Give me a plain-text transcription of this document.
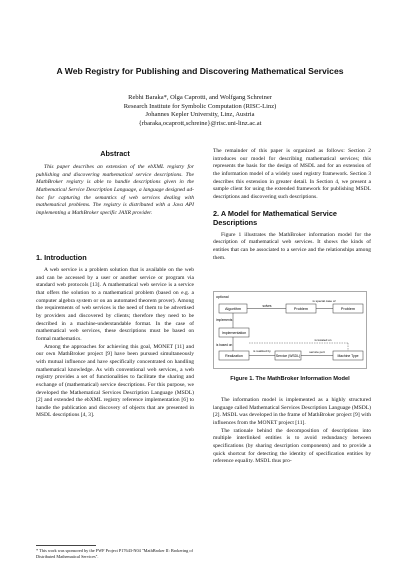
A Web Registry for Publishing and Discovering Mathematical Services
Rebhi Baraka*, Olga Caprotti, and Wolfgang Schreiner
Research Institute for Symbolic Computation (RISC-Linz)
Johannes Kepler University, Linz, Austria
{rbaraka,ocaprott,schreine}@risc.uni-linz.ac.at
Abstract

This paper describes an extension of the ebXML registry for publishing and discovering mathematical service descriptions. The MathBroker registry is able to handle descriptions given in the Mathematical Service Description Language, a language designed ad-hoc for capturing the semantics of web services dealing with mathematical problems. The registry is distributed with a Java API implementing a MathBroker specific JAXR provider.

1. Introduction

A web service is a problem solution that is available on the web and can be accessed by a user or another service or program via standard web protocols [13]. A mathematical web service is a service that offers the solution to a mathematical problem (based on e.g. a computer algebra system or on an automated theorem prover). Among the requirements of web services is the need of them to be advertised by providers and discovered by clients; therefore they need to be described in a machine-understandable format. In the case of mathematical web services, these descriptions must be based on formal mathematics.

Among the approaches for achieving this goal, MONET [11] and our own MathBroker project [9] have been pursued simultaneously with mutual influence and have specifically concentrated on handling mathematical knowledge. As with conventional web services, a web registry provides a set of functionalities to facilitate the sharing and exchange of (mathematical) service descriptions. For this purpose, we developed the Mathematical Services Description Language (MSDL) [2] and extended the ebXML registry reference implementation [6] to handle the publication and discovery of objects that are presented in MSDL descriptions [4, 3].

* This work was sponsored by the FWF Project P17643-N04 "MathBroker II: Brokering of Distributed Mathematical Services".

The remainder of this paper is organized as follows: Section 2 introduces our model for describing mathematical services; this represents the basis for the design of MSDL and for an extension of the information model of a widely used registry framework. Section 3 describes this extension in greater detail. In Section 4, we present a sample client for using the extended framework for publishing MSDL descriptions and discovering such descriptions.

2. A Model for Mathematical Service Descriptions

Figure 1 illustrates the MathBroker information model for the description of mathematical web services. It shows the kinds of entities that can be associated to a service and the relationships among them.

optional
Algorithm
solves
Problem
is special case of
Problem
implements
Implementation
is based on
Realization
is realized by
Service (WSDL)
service port
Machine Type
is located on
Figure 1. The MathBroker Information Model

The information model is implemented as a highly structured language called Mathematical Services Description Language (MSDL) [2]. MSDL was developed in the frame of MathBroker project [9] with influences from the MONET project [11].

The rationale behind the decomposition of descriptions into multiple interlinked entities is to avoid redundancy between specifications (by sharing description components) and to provide a quick shortcut for detecting the identity of specification entities by reference equality. MSDL thus pro-
